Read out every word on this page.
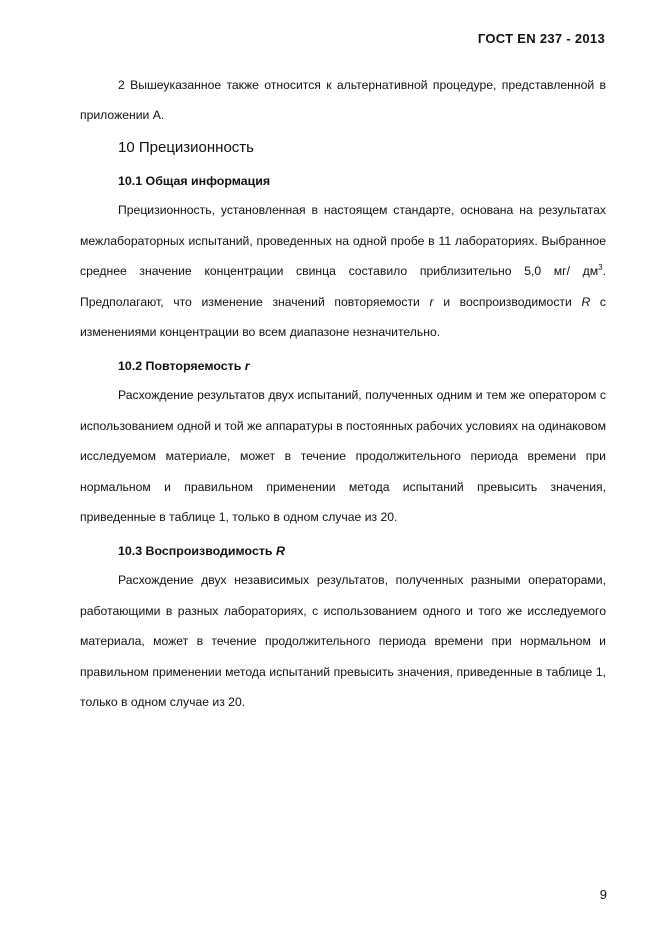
ГОСТ EN 237 - 2013

2 Вышеуказанное также относится к альтернативной процедуре, представленной в приложении А.

10 Прецизионность
10.1 Общая информация

Прецизионность, установленная в настоящем стандарте, основана на результатах межлабораторных испытаний, проведенных на одной пробе в 11 лабораториях. Выбранное среднее значение концентрации свинца составило приблизительно 5,0 мг/ $дм^3$. Предполагают, что изменение значений повторяемости r и воспроизводимости R с изменениями концентрации во всем диапазоне незначительно.

10.2 Повторяемость r

Расхождение результатов двух испытаний, полученных одним и тем же оператором с использованием одной и той же аппаратуры в постоянных рабочих условиях на одинаковом исследуемом материале, может в течение продолжительного периода времени при нормальном и правильном применении метода испытаний превысить значения, приведенные в таблице 1, только в одном случае из 20.

10.3 Воспроизводимость R

Расхождение двух независимых результатов, полученных разными операторами, работающими в разных лабораториях, с использованием одного и того же исследуемого материала, может в течение продолжительного периода времени при нормальном и правильном применении метода испытаний превысить значения, приведенные в таблице 1, только в одном случае из 20.

9
